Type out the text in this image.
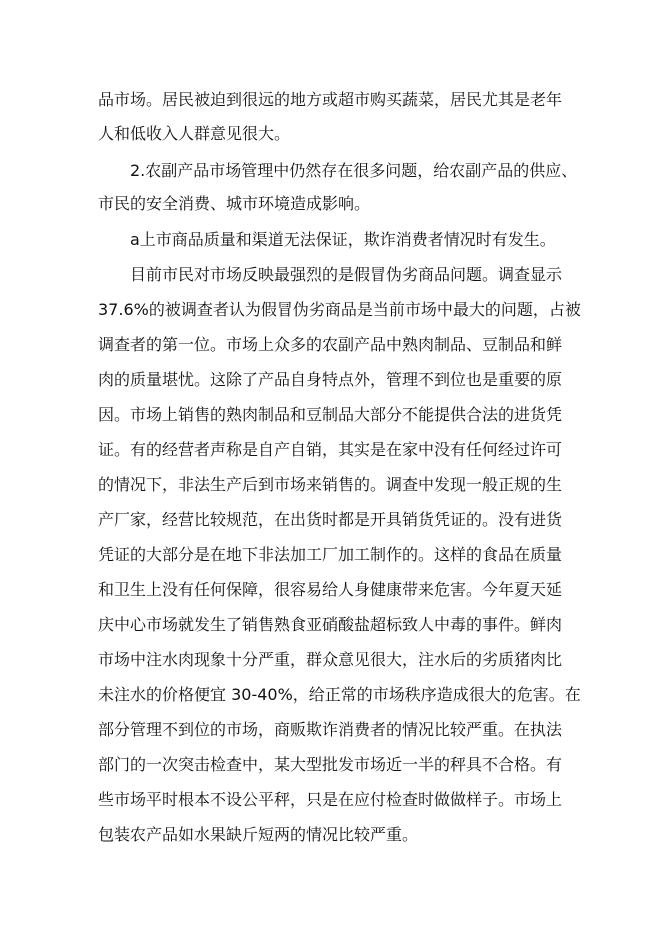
品市场。居民被迫到很远的地方或超市购买蔬菜，居民尤其是老年

人和低收入人群意见很大。

2.农副产品市场管理中仍然存在很多问题，给农副产品的供应、

市民的安全消费、城市环境造成影响。

a上市商品质量和渠道无法保证，欺诈消费者情况时有发生。

目前市民对市场反映最强烈的是假冒伪劣商品问题。调查显示

37.6%的被调查者认为假冒伪劣商品是当前市场中最大的问题，占被

调查者的第一位。市场上众多的农副产品中熟肉制品、豆制品和鲜

肉的质量堪忧。这除了产品自身特点外，管理不到位也是重要的原

因。市场上销售的熟肉制品和豆制品大部分不能提供合法的进货凭

证。有的经营者声称是自产自销，其实是在家中没有任何经过许可

的情况下，非法生产后到市场来销售的。调查中发现一般正规的生

产厂家，经营比较规范，在出货时都是开具销货凭证的。没有进货

凭证的大部分是在地下非法加工厂加工制作的。这样的食品在质量

和卫生上没有任何保障，很容易给人身健康带来危害。今年夏天延

庆中心市场就发生了销售熟食亚硝酸盐超标致人中毒的事件。鲜肉

市场中注水肉现象十分严重，群众意见很大，注水后的劣质猪肉比

未注水的价格便宜 30-40%，给正常的市场秩序造成很大的危害。在

部分管理不到位的市场，商贩欺诈消费者的情况比较严重。在执法

部门的一次突击检查中，某大型批发市场近一半的秤具不合格。有

些市场平时根本不设公平秤，只是在应付检查时做做样子。市场上

包装农产品如水果缺斤短两的情况比较严重。
